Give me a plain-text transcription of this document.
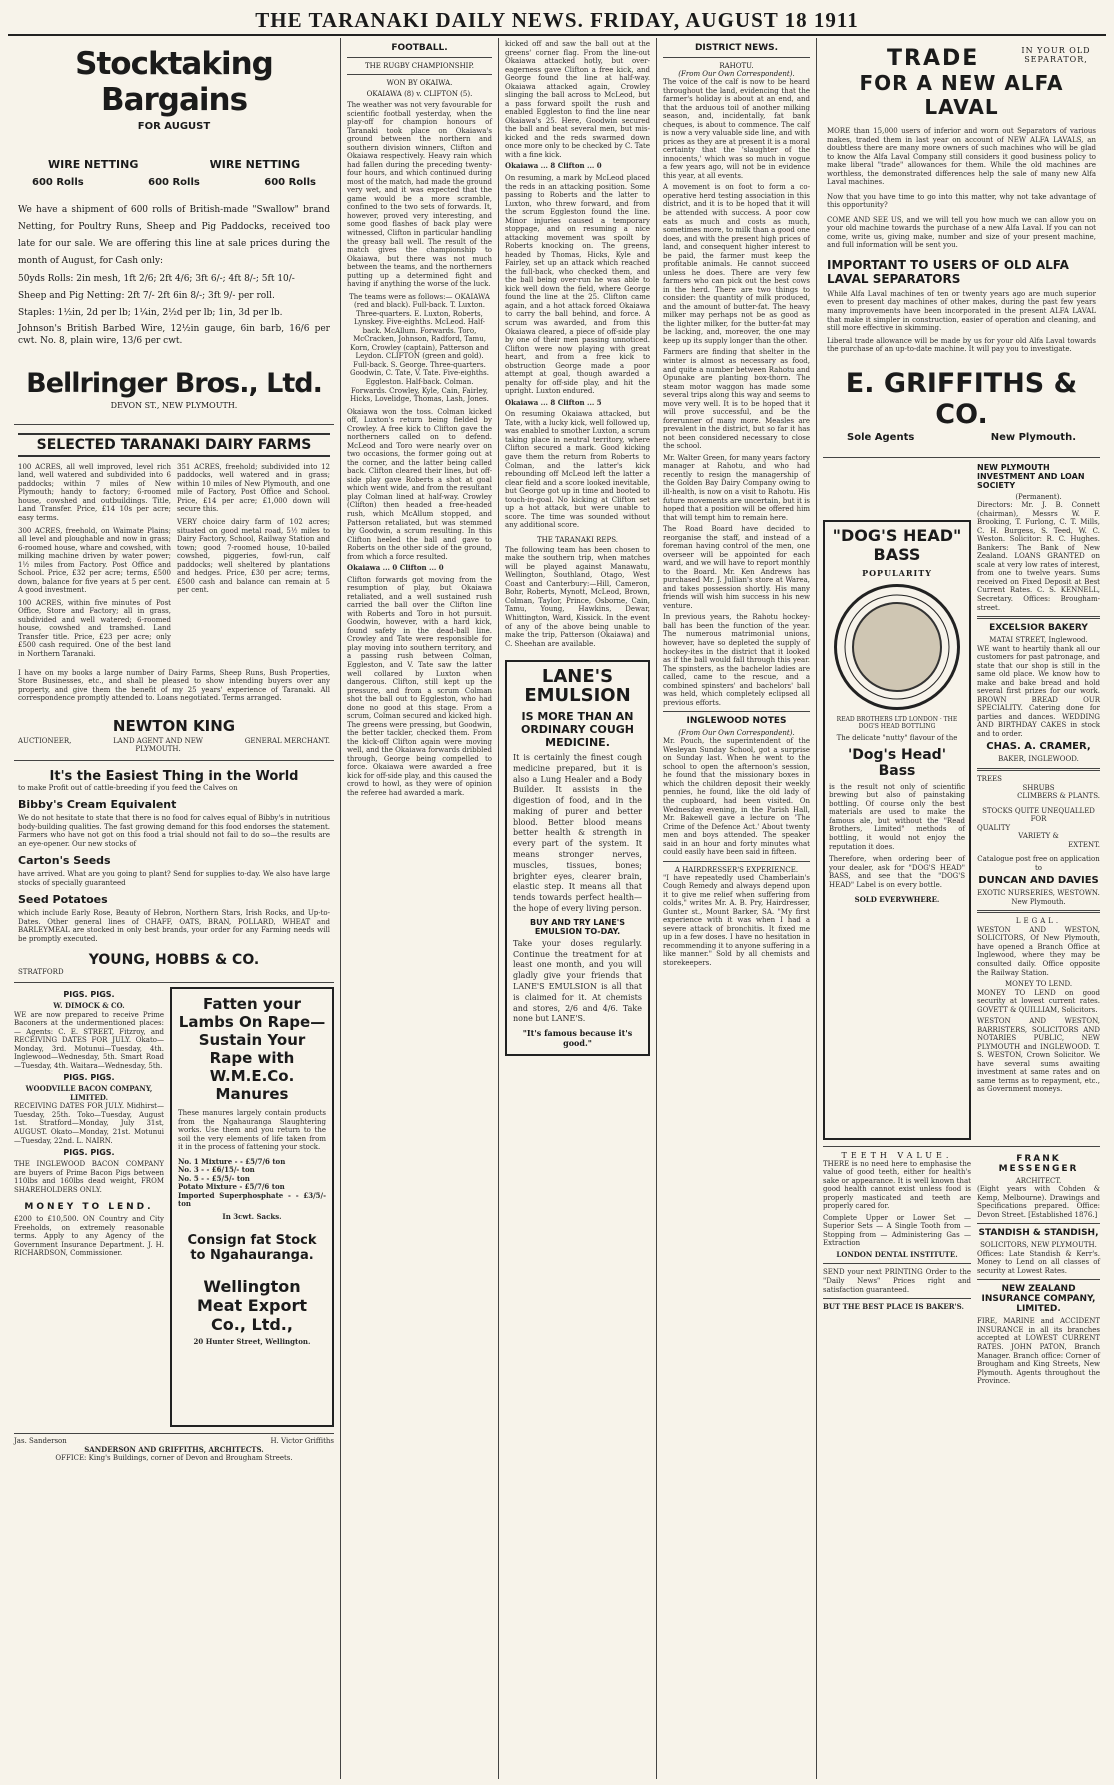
THE TARANAKI DAILY NEWS. FRIDAY, AUGUST 18 1911
Stocktaking Bargains
FOR AUGUST
WIRE NETTING	WIRE NETTING
600 Rolls	600 Rolls	600 Rolls

We have a shipment of 600 rolls of British-made "Swallow" brand Netting, for Poultry Runs, Sheep and Pig Paddocks, received too late for our sale. We are offering this line at sale prices during the month of August, for Cash only:

50yds Rolls: 2in mesh, 1ft 2/6; 2ft 4/6; 3ft 6/-; 4ft 8/-; 5ft 10/-

Sheep and Pig Netting: 2ft 7/- 2ft 6in 8/-; 3ft 9/- per roll.

Staples: 1½in, 2d per lb; 1¼in, 2½d per lb; 1in, 3d per lb.

Johnson's British Barbed Wire, 12½in gauge, 6in barb, 16/6 per cwt. No. 8, plain wire, 13/6 per cwt.

Bellringer Bros., Ltd.
DEVON ST., NEW PLYMOUTH.
SELECTED TARANAKI DAIRY FARMS

100 ACRES, all well improved, level rich land, well watered and subdivided into 6 paddocks; within 7 miles of New Plymouth; handy to factory; 6-roomed house, cowshed and outbuildings. Title, Land Transfer. Price, £14 10s per acre; easy terms.

300 ACRES, freehold, on Waimate Plains; all level and ploughable and now in grass; 6-roomed house, whare and cowshed, with milking machine driven by water power; 1½ miles from Factory. Post Office and School. Price, £32 per acre; terms, £500 down, balance for five years at 5 per cent. A good investment.

100 ACRES, within five minutes of Post Office, Store and Factory; all in grass, subdivided and well watered; 6-roomed house, cowshed and tramshed. Land Transfer title. Price, £23 per acre; only £500 cash required. One of the best land in Northern Taranaki.

351 ACRES, freehold; subdivided into 12 paddocks, well watered and in grass; within 10 miles of New Plymouth, and one mile of Factory, Post Office and School. Price, £14 per acre; £1,000 down will secure this.

VERY choice dairy farm of 102 acres; situated on good metal road, 5½ miles to Dairy Factory, School, Railway Station and town; good 7-roomed house, 10-bailed cowshed, piggeries, fowl-run, calf paddocks; well sheltered by plantations and hedges. Price, £30 per acre; terms, £500 cash and balance can remain at 5 per cent.

I have on my books a large number of Dairy Farms, Sheep Runs, Bush Properties, Store Businesses, etc., and shall be pleased to show intending buyers over any property, and give them the benefit of my 25 years' experience of Taranaki. All correspondence promptly attended to. Loans negotiated. Terms arranged.

NEWTON KING
AUCTIONEER,	LAND AGENT AND NEW PLYMOUTH.
GENERAL MERCHANT.
It's the Easiest Thing in the World

to make Profit out of cattle-breeding if you feed the Calves on

Bibby's Cream Equivalent

We do not hesitate to state that there is no food for calves equal of Bibby's in nutritious body-building qualities. The fast growing demand for this food endorses the statement. Farmers who have not got on this food a trial should not fail to do so—the results are an eye-opener. Our new stocks of

Carton's Seeds

have arrived. What are you going to plant? Send for supplies to-day. We also have large stocks of specially guaranteed

Seed Potatoes

which include Early Rose, Beauty of Hebron, Northern Stars, Irish Rocks, and Up-to-Dates. Other general lines of CHAFF, OATS, BRAN, POLLARD, WHEAT and BARLEYMEAL are stocked in only best brands, your order for any Farming needs will be promptly executed.

YOUNG, HOBBS & CO.
STRATFORD
PIGS. PIGS.
W. DIMOCK & CO.

WE are now prepared to receive Prime Baconers at the undermentioned places:— Agents: C. E. STREET, Fitzroy, and RECEIVING DATES FOR JULY. Okato—Monday, 3rd. Motunui—Tuesday, 4th. Inglewood—Wednesday, 5th. Smart Road—Tuesday, 4th. Waitara—Wednesday, 5th.

PIGS. PIGS.
WOODVILLE BACON COMPANY, LIMITED.

RECEIVING DATES FOR JULY. Midhirst—Tuesday, 25th. Toko—Tuesday, August 1st. Stratford—Monday, July 31st, AUGUST. Okato—Monday, 21st. Motunui—Tuesday, 22nd. L. NAIRN.

PIGS. PIGS.

THE INGLEWOOD BACON COMPANY are buyers of Prime Bacon Pigs between 110lbs and 160lbs dead weight, FROM SHAREHOLDERS ONLY.

MONEY TO LEND.

£200 to £10,500. ON Country and City Freeholds, on extremely reasonable terms. Apply to any Agency of the Government Insurance Department. J. H. RICHARDSON, Commissioner.

Fatten your Lambs On Rape—Sustain Your Rape with W.M.E.Co. Manures

These manures largely contain products from the Ngahauranga Slaughtering works. Use them and you return to the soil the very elements of life taken from it in the process of fattening your stock.

No. 1 Mixture - - £5/7/6 ton
No. 3 - - £6/15/- ton
No. 5 - - £5/5/- ton
Potato Mixture - £5/7/6 ton
Imported Superphosphate - - £3/5/- ton
In 3cwt. Sacks.
Consign fat Stock to Ngahauranga.
Wellington Meat Export Co., Ltd.,
20 Hunter Street, Wellington.
Jas. Sanderson	H. Victor Griffiths
SANDERSON AND GRIFFITHS, ARCHITECTS.
OFFICE: King's Buildings, corner of Devon and Brougham Streets.
FOOTBALL.
THE RUGBY CHAMPIONSHIP.
WON BY OKAIWA.
OKAIAWA (8) v. CLIFTON (5).

The weather was not very favourable for scientific football yesterday, when the play-off for champion honours of Taranaki took place on Okaiawa's ground between the northern and southern division winners, Clifton and Okaiawa respectively. Heavy rain which had fallen during the preceding twenty-four hours, and which continued during most of the match, had made the ground very wet, and it was expected that the game would be a more scramble, confined to the two sets of forwards. It, however, proved very interesting, and some good flashes of back play were witnessed, Clifton in particular handling the greasy ball well. The result of the match gives the championship to Okaiawa, but there was not much between the teams, and the northerners putting up a determined fight and having if anything the worse of the luck.

The teams were as follows:— OKAIAWA (red and black). Full-back. T. Luxton. Three-quarters. E. Luxton, Roberts, Lynskey. Five-eighths. McLeod. Half-back. McAllum. Forwards. Toro, McCracken, Johnson, Radford, Tamu, Korn, Crowley (captain), Patterson and Leydon. CLIFTON (green and gold). Full-back. S. George. Three-quarters. Goodwin, C. Tate, V. Tate. Five-eighths. Eggleston. Half-back. Colman. Forwards. Crowley, Kyle, Cain, Fairley, Hicks, Lovelidge, Thomas, Lash, Jones.

Okaiawa won the toss. Colman kicked off, Luxton's return being fielded by Crowley. A free kick to Clifton gave the northerners called on to defend. McLeod and Toro were nearly over on two occasions, the former going out at the corner, and the latter being called back. Clifton cleared their lines, but off-side play gave Roberts a shot at goal which went wide, and from the resultant play Colman lined at half-way. Crowley (Clifton) then headed a free-headed rush, which McAllum stopped, and Patterson retaliated, but was stemmed by Goodwin, a scrum resulting. In this Clifton heeled the ball and gave to Roberts on the other side of the ground, from which a force resulted.

Okaiawa ... 0 Clifton ... 0

Clifton forwards got moving from the resumption of play, but Okaiawa retaliated, and a well sustained rush carried the ball over the Clifton line with Roberts and Toro in hot pursuit. Goodwin, however, with a hard kick, found safety in the dead-ball line. Crowley and Tate were responsible for play moving into southern territory, and a passing rush between Colman, Eggleston, and V. Tate saw the latter well collared by Luxton when dangerous. Clifton, still kept up the pressure, and from a scrum Colman shot the ball out to Eggleston, who had done no good at this stage. From a scrum, Colman secured and kicked high. The greens were pressing, but Goodwin, the better tackler, checked them. From the kick-off Clifton again were moving well, and the Okaiawa forwards dribbled through, George being compelled to force. Okaiawa were awarded a free kick for off-side play, and this caused the crowd to howl, as they were of opinion the referee had awarded a mark.

kicked off and saw the ball out at the greens' corner flag. From the line-out Okaiawa attacked hotly, but over-eagerness gave Clifton a free kick, and George found the line at half-way. Okaiawa attacked again, Crowley slinging the ball across to McLeod, but a pass forward spoilt the rush and enabled Eggleston to find the line near Okaiawa's 25. Here, Goodwin secured the ball and beat several men, but mis-kicked and the reds swarmed down once more only to be checked by C. Tate with a fine kick.

Okaiawa ... 8 Clifton ... 0

On resuming, a mark by McLeod placed the reds in an attacking position. Some passing to Roberts and the latter to Luxton, who threw forward, and from the scrum Eggleston found the line. Minor injuries caused a temporary stoppage, and on resuming a nice attacking movement was spoilt by Roberts knocking on. The greens, headed by Thomas, Hicks, Kyle and Fairley, set up an attack which reached the full-back, who checked them, and the ball being over-run he was able to kick well down the field, where George found the line at the 25. Clifton came again, and a hot attack forced Okaiawa to carry the ball behind, and force. A scrum was awarded, and from this Okaiawa cleared, a piece of off-side play by one of their men passing unnoticed. Clifton were now playing with great heart, and from a free kick to obstruction George made a poor attempt at goal, though awarded a penalty for off-side play, and hit the upright. Luxton endured.

Okaiawa ... 8 Clifton ... 5

On resuming Okaiawa attacked, but Tate, with a lucky kick, well followed up, was enabled to smother Luxton, a scrum taking place in neutral territory, where Clifton secured a mark. Good kicking gave them the return from Roberts to Colman, and the latter's kick rebounding off McLeod left the latter a clear field and a score looked inevitable, but George got up in time and booted to touch-in-goal. No kicking at Clifton set up a hot attack, but were unable to score. The time was sounded without any additional score.

THE TARANAKI REPS.

The following team has been chosen to make the southern trip, when matches will be played against Manawatu, Wellington, Southland, Otago, West Coast and Canterbury:—Hill, Cameron, Bohr, Roberts, Mynott, McLeod, Brown, Colman, Taylor, Prince, Osborne, Cain, Tamu, Young, Hawkins, Dewar, Whittington, Ward, Kissick. In the event of any of the above being unable to make the trip, Patterson (Okaiawa) and C. Sheehan are available.

LANE'S EMULSION
IS MORE THAN AN ORDINARY COUGH MEDICINE.

It is certainly the finest cough medicine prepared, but it is also a Lung Healer and a Body Builder. It assists in the digestion of food, and in the making of purer and better blood. Better blood means better health & strength in every part of the system. It means stronger nerves, muscles, tissues, bones; brighter eyes, clearer brain, elastic step. It means all that tends towards perfect health—the hope of every living person.

BUY AND TRY LANE'S EMULSION TO-DAY.

Take your doses regularly. Continue the treatment for at least one month, and you will gladly give your friends that LANE'S EMULSION is all that is claimed for it. At chemists and stores, 2/6 and 4/6. Take none but LANE'S.

"It's famous because it's good."
DISTRICT NEWS.
RAHOTU.
(From Our Own Correspondent).

The voice of the calf is now to be heard throughout the land, evidencing that the farmer's holiday is about at an end, and that the arduous toil of another milking season, and, incidentally, fat bank cheques, is about to commence. The calf is now a very valuable side line, and with prices as they are at present it is a moral certainty that the 'slaughter of the innocents,' which was so much in vogue a few years ago, will not be in evidence this year, at all events.

A movement is on foot to form a co-operative herd testing association in this district, and it is to be hoped that it will be attended with success. A poor cow eats as much and costs as much, sometimes more, to milk than a good one does, and with the present high prices of land, and consequent higher interest to be paid, the farmer must keep the profitable animals. He cannot succeed unless he does. There are very few farmers who can pick out the best cows in the herd. There are two things to consider: the quantity of milk produced, and the amount of butter-fat. The heavy milker may perhaps not be as good as the lighter milker, for the butter-fat may be lacking, and, moreover, the one may keep up its supply longer than the other.

Farmers are finding that shelter in the winter is almost as necessary as food, and quite a number between Rahotu and Opunake are planting box-thorn. The steam motor waggon has made some several trips along this way and seems to move very well. It is to be hoped that it will prove successful, and be the forerunner of many more. Measles are prevalent in the district, but so far it has not been considered necessary to close the school.

Mr. Walter Green, for many years factory manager at Rahotu, and who had recently to resign the managership of the Golden Bay Dairy Company owing to ill-health, is now on a visit to Rahotu. His future movements are uncertain, but it is hoped that a position will be offered him that will tempt him to remain here.

The Road Board have decided to reorganise the staff, and instead of a foreman having control of the men, one overseer will be appointed for each ward, and we will have to report monthly to the Board. Mr. Ken Andrews has purchased Mr. J. Jullian's store at Warea, and takes possession shortly. His many friends will wish him success in his new venture.

In previous years, the Rahotu hockey-ball has been the function of the year. The numerous matrimonial unions, however, have so depleted the supply of hockey-ites in the district that it looked as if the ball would fall through this year. The spinsters, as the bachelor ladies are called, came to the rescue, and a combined spinsters' and bachelors' ball was held, which completely eclipsed all previous efforts.

INGLEWOOD NOTES
(From Our Own Correspondent).

Mr. Pouch, the superintendent of the Wesleyan Sunday School, got a surprise on Sunday last. When he went to the school to open the afternoon's session, he found that the missionary boxes in which the children deposit their weekly pennies, he found, like the old lady of the cupboard, had been visited. On Wednesday evening, in the Parish Hall, Mr. Bakewell gave a lecture on 'The Crime of the Defence Act.' About twenty men and boys attended. The speaker said in an hour and forty minutes what could easily have been said in fifteen.

A HAIRDRESSER'S EXPERIENCE.

"I have repeatedly used Chamberlain's Cough Remedy and always depend upon it to give me relief when suffering from colds," writes Mr. A. B. Pry, Hairdresser, Gunter st., Mount Barker, SA. "My first experience with it was when I had a severe attack of bronchitis. It fixed me up in a few doses. I have no hesitation in recommending it to anyone suffering in a like manner." Sold by all chemists and storekeepers.

TRADE	IN YOUR OLD SEPARATOR,
FOR A NEW ALFA LAVAL

MORE than 15,000 users of inferior and worn out Separators of various makes, traded them in last year on account of NEW ALFA LAVALS, an doubtless there are many more owners of such machines who will be glad to know the Alfa Laval Company still considers it good business policy to make liberal "trade" allowances for them. While the old machines are worthless, the demonstrated differences help the sale of many new Alfa Laval machines.

Now that you have time to go into this matter, why not take advantage of this opportunity?

COME AND SEE US, and we will tell you how much we can allow you on your old machine towards the purchase of a new Alfa Laval. If you can not come, write us, giving make, number and size of your present machine, and full information will be sent you.

IMPORTANT TO USERS OF OLD ALFA LAVAL SEPARATORS

While Alfa Laval machines of ten or twenty years ago are much superior even to present day machines of other makes, during the past few years many improvements have been incorporated in the present ALFA LAVAL that make it simpler in construction, easier of operation and cleaning, and still more effective in skimming.

Liberal trade allowance will be made by us for your old Alfa Laval towards the purchase of an up-to-date machine. It will pay you to investigate.

E. GRIFFITHS & CO.
Sole Agents	New Plymouth.
"DOG'S HEAD"
BASS
POPULARITY
READ BROTHERS LTD LONDON · THE DOG'S HEAD BOTTLING
The delicate "nutty" flavour of the
'Dog's Head' Bass

is the result not only of scientific brewing but also of painstaking bottling. Of course only the best materials are used to make the famous ale, but without the "Read Brothers, Limited" methods of bottling, it would not enjoy the reputation it does.

Therefore, when ordering beer of your dealer, ask for "DOG'S HEAD" BASS, and see that the "DOG'S HEAD" Label is on every bottle.

SOLD EVERYWHERE.
NEW PLYMOUTH INVESTMENT AND LOAN SOCIETY
(Permanent).

Directors: Mr. J. B. Connett (chairman), Messrs W. F. Brooking, T. Furlong, C. T. Mills, C. H. Burgess, S. Teed, W. C. Weston. Solicitor: R. C. Hughes. Bankers: The Bank of New Zealand. LOANS GRANTED on scale at very low rates of interest, from one to twelve years. Sums received on Fixed Deposit at Best Current Rates. C. S. KENNELL, Secretary. Offices: Brougham-street.

EXCELSIOR BAKERY
MATAI STREET, Inglewood.

WE want to heartily thank all our customers for past patronage, and state that our shop is still in the same old place. We know how to make and bake bread and hold several first prizes for our work. BROWN BREAD OUR SPECIALITY. Catering done for parties and dances. WEDDING AND BIRTHDAY CAKES in stock and to order.

CHAS. A. CRAMER,
BAKER, INGLEWOOD.
TREES
SHRUBS
CLIMBERS & PLANTS.
STOCKS QUITE UNEQUALLED FOR
QUALITY
VARIETY &
EXTENT.
Catalogue post free on application to
DUNCAN AND DAVIES
EXOTIC NURSERIES, WESTOWN. New Plymouth.
LEGAL.

WESTON AND WESTON, SOLICITORS, Of New Plymouth, have opened a Branch Office at Inglewood, where they may be consulted daily. Office opposite the Railway Station.

MONEY TO LEND.

MONEY TO LEND on good security at lowest current rates. GOVETT & QUILLIAM, Solicitors.

WESTON AND WESTON, BARRISTERS, SOLICITORS AND NOTARIES PUBLIC, NEW PLYMOUTH and INGLEWOOD. T. S. WESTON, Crown Solicitor. We have several sums awaiting investment at same rates and on same terms as to repayment, etc., as Government moneys.

TEETH VALUE.

THERE is no need here to emphasise the value of good teeth, either for health's sake or appearance. It is well known that good health cannot exist unless food is properly masticated and teeth are properly cared for.

Complete Upper or Lower Set — Superior Sets — A Single Tooth from — Stopping from — Administering Gas — Extraction

LONDON DENTAL INSTITUTE.

SEND your next PRINTING Order to the "Daily News" Prices right and satisfaction guaranteed.

BUT THE BEST PLACE IS BAKER'S.

FRANK MESSENGER
ARCHITECT.

(Eight years with Cohden & Kemp, Melbourne). Drawings and Specifications prepared. Office: Devon Street. [Established 1876.]

STANDISH & STANDISH,
SOLICITORS, NEW PLYMOUTH.

Offices: Late Standish & Kerr's. Money to Lend on all classes of security at Lowest Rates.

NEW ZEALAND INSURANCE COMPANY, LIMITED.

FIRE, MARINE and ACCIDENT INSURANCE in all its branches accepted at LOWEST CURRENT RATES. JOHN PATON, Branch Manager. Branch office: Corner of Brougham and King Streets, New Plymouth. Agents throughout the Province.
